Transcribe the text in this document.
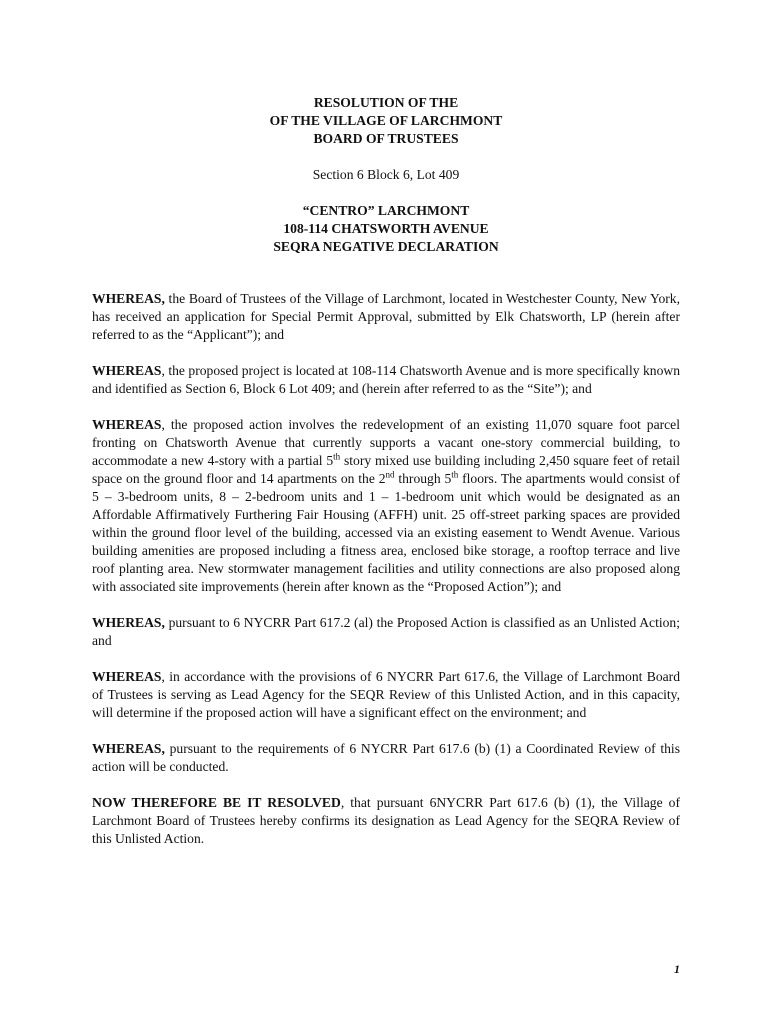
RESOLUTION OF THE
OF THE VILLAGE OF LARCHMONT
BOARD OF TRUSTEES
Section 6 Block 6, Lot 409
“CENTRO” LARCHMONT
108-114 CHATSWORTH AVENUE
SEQRA NEGATIVE DECLARATION

WHEREAS, the Board of Trustees of the Village of Larchmont, located in Westchester County, New York, has received an application for Special Permit Approval, submitted by Elk Chatsworth, LP (herein after referred to as the “Applicant”); and

WHEREAS, the proposed project is located at 108-114 Chatsworth Avenue and is more specifically known and identified as Section 6, Block 6 Lot 409; and (herein after referred to as the “Site”); and

WHEREAS, the proposed action involves the redevelopment of an existing 11,070 square foot parcel fronting on Chatsworth Avenue that currently supports a vacant one-story commercial building, to accommodate a new 4-story with a partial 5th story mixed use building including 2,450 square feet of retail space on the ground floor and 14 apartments on the 2nd through 5th floors. The apartments would consist of 5 – 3-bedroom units, 8 – 2-bedroom units and 1 – 1-bedroom unit which would be designated as an Affordable Affirmatively Furthering Fair Housing (AFFH) unit. 25 off-street parking spaces are provided within the ground floor level of the building, accessed via an existing easement to Wendt Avenue. Various building amenities are proposed including a fitness area, enclosed bike storage, a rooftop terrace and live roof planting area. New stormwater management facilities and utility connections are also proposed along with associated site improvements (herein after known as the “Proposed Action”); and

WHEREAS, pursuant to 6 NYCRR Part 617.2 (al) the Proposed Action is classified as an Unlisted Action; and

WHEREAS, in accordance with the provisions of 6 NYCRR Part 617.6, the Village of Larchmont Board of Trustees is serving as Lead Agency for the SEQR Review of this Unlisted Action, and in this capacity, will determine if the proposed action will have a significant effect on the environment; and

WHEREAS, pursuant to the requirements of 6 NYCRR Part 617.6 (b) (1) a Coordinated Review of this action will be conducted.

NOW THEREFORE BE IT RESOLVED, that pursuant 6NYCRR Part 617.6 (b) (1), the Village of Larchmont Board of Trustees hereby confirms its designation as Lead Agency for the SEQRA Review of this Unlisted Action.

1
